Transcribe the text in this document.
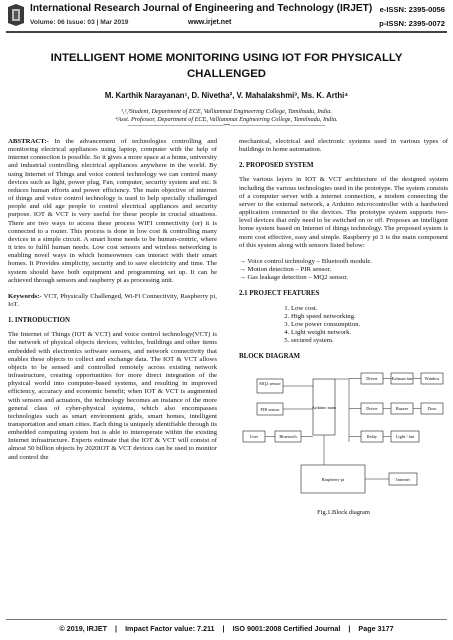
International Research Journal of Engineering and Technology (IRJET) e-ISSN: 2395-0056
Volume: 06 Issue: 03 | Mar 2019	www.irjet.net	p-ISSN: 2395-0072
INTELLIGENT HOME MONITORING USING IOT FOR PHYSICALLY CHALLENGED
M. Karthik Narayanan¹, D. Nivetha², V. Mahalakshmi³, Ms. K. Arthi⁴
¹,²,³Student, Department of ECE, Valliammai Engineering College, Tamilnadu, India.
⁴Asst. Professor, Department of ECE, Valliammai Engineering College, Tamilnadu, India.
----------------------------------------------------------------------***----------------------------------------------------------------------

ABSTRACT:- In the advancement of technologies controlling and monitoring electrical appliances using laptop, computer with the help of internet connection is possible. So it gives a more space at a home, university and industrial controlling electrical appliances anywhere in the world. By using Internet of Things and voice control technology we can control many devices such as light, power plug, Fan, computer, security system and etc. It reduces human efforts and power efficiency. The main objective of internet of things and voice control technology is used to help specially challenged people and old age people to control electrical appliances and security purpose. IOT & VCT is very useful for these people in crucial situations. There are two ways to access these process WIFI connectivity (or) it is connected to a router. This process is done in low cost & controlling many devices in a simple circuit. A smart home needs to be human-centric, where it tries to fulfil human needs. Low cost sensors and wireless networking is enabling novel ways in which homeowners can interact with their smart homes. It Provides simplicity, security and to save electricity and time. The system should have both equipment and programming set up. It can be achieved through sensors and raspberry pi as processing unit.

Keywords:- VCT, Physically Challenged, Wi-Fi Connectivity, Raspberry pi, IoT.

1. INTRODUCTION

The Internet of Things (IOT & VCT) and voice control technology(VCT) is the network of physical objects devices, vehicles, buildings and other items embedded with electronics software sensors, and network connectivity that enables these objects to collect and exchange data. The IOT & VCT allows objects to be sensed and controlled remotely across existing network infrastructure, creating opportunities for more direct integration of the physical world into computer-based systems, and resulting in improved efficiency, accuracy and economic benefit; when IOT & VCT is augmented with sensors and actuators, the technology becomes an instance of the more general class of cyber-physical systems, which also encompasses technologies such as smart environment grids, smart homes, intelligent transportation and smart cities. Each thing is uniquely identifiable through its embedded computing system but is able to interoperate within the existing Internet infrastructure. Experts estimate that the IOT & VCT will consist of almost 50 billion objects by 2020IOT & VCT devices can be used to monitor and control the

mechanical, electrical and electronic systems used in various types of buildings in home automation.

2. PROPOSED SYSTEM

The various layers in IOT & VCT architecture of the designed system including the various technologies used in the prototype. The system consists of a computer server with a internet connection, a modem connecting the server to the external network, a Arduino microcontroller with a hardwired application connected to the devices. The prototype system supports two-level devices that only need to be switched on or off. Proposes an intelligent home system based on Internet of things technology. The proposed system is more cost effective, easy and simple. Raspberry pi 3 is the main component of this system along with sensors listed below:

→ Voice control technology – Bluetooth module.

→ Motion detection – PIR sensor.

→ Gas leakage detection – MQ2 sensor.

2.1 PROJECT FEATURES
1. Low cost.
2. High speed networking.
3. Low power consumption.
4. Light weight network.
5. secured system.
BLOCK DIAGRAM
MQ2 sensor
PIR sensor	Arduino nano
User	Bluetooth
Driver	Exhaust fan	Window
Driver	Buzzer	Door
Relay	Light / fan
Raspberry pi	Internet
Fig.1.Block diagram
© 2019, IRJET    |    Impact Factor value: 7.211    |    ISO 9001:2008 Certified Journal    |    Page 3177
